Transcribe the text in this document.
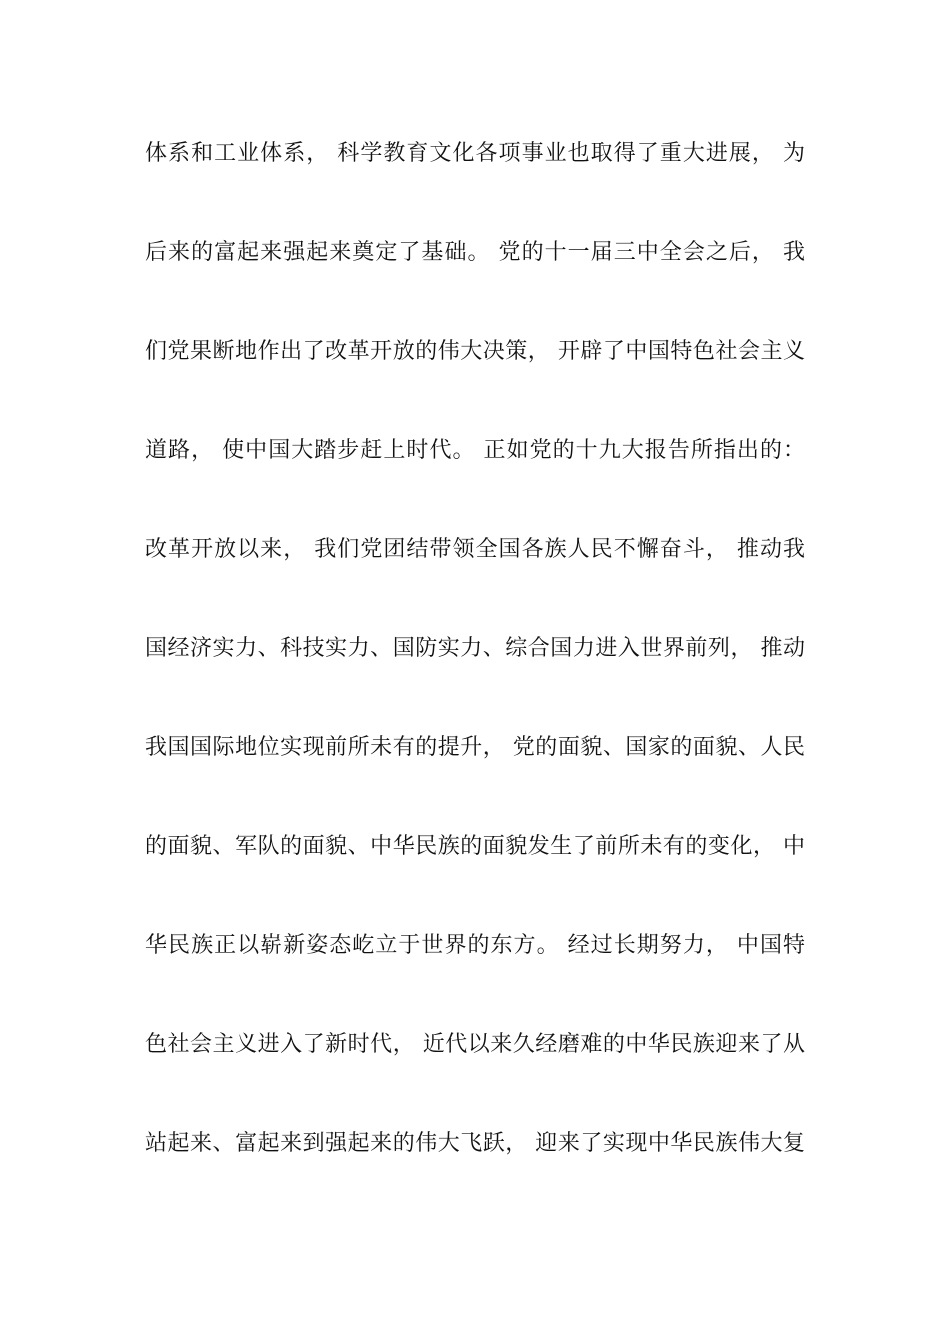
体系和工业体系， 科学教育文化各项事业也取得了重大进展， 为
后来的富起来强起来奠定了基础。 党的十一届三中全会之后， 我
们党果断地作出了改革开放的伟大决策， 开辟了中国特色社会主义
道路， 使中国大踏步赶上时代。 正如党的十九大报告所指出的：
改革开放以来， 我们党团结带领全国各族人民不懈奋斗， 推动我
国经济实力、科技实力、国防实力、综合国力进入世界前列， 推动
我国国际地位实现前所未有的提升， 党的面貌、国家的面貌、人民
的面貌、军队的面貌、中华民族的面貌发生了前所未有的变化， 中
华民族正以崭新姿态屹立于世界的东方。 经过长期努力， 中国特
色社会主义进入了新时代， 近代以来久经磨难的中华民族迎来了从
站起来、富起来到强起来的伟大飞跃， 迎来了实现中华民族伟大复
